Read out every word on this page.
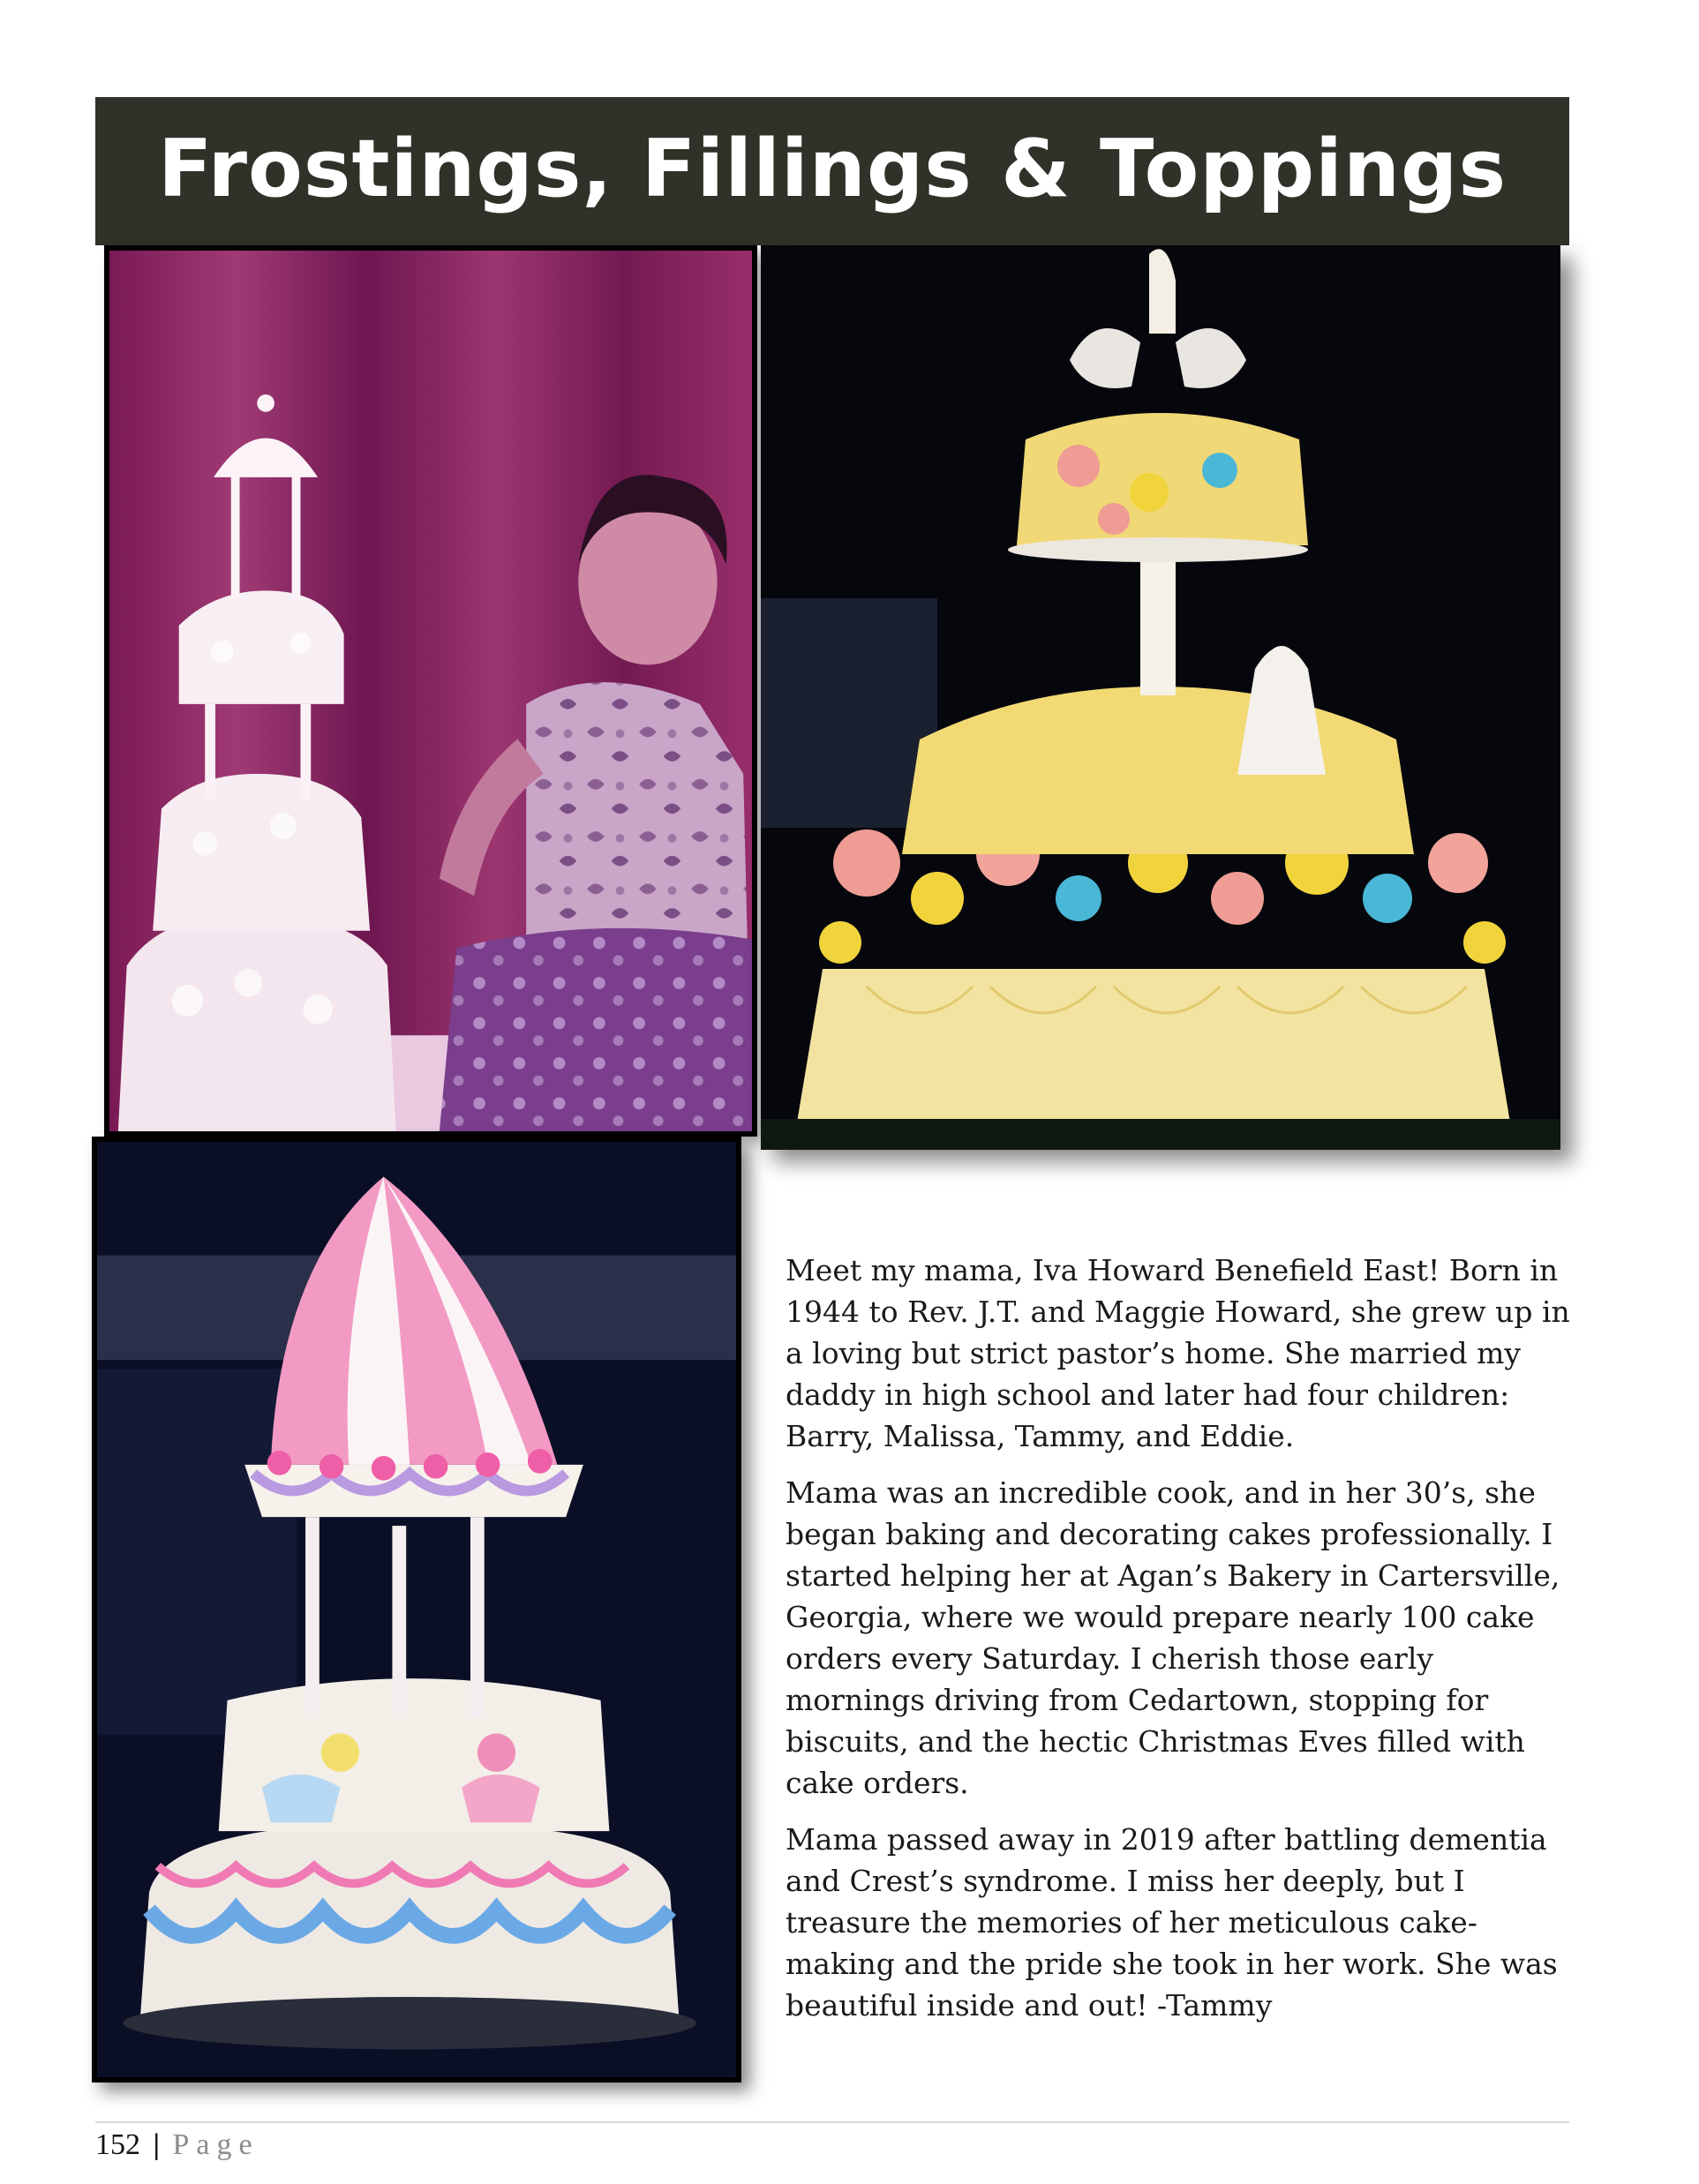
Frostings, Fillings & Toppings

Meet my mama, Iva Howard Benefield East! Born in 1944 to Rev. J.T. and Maggie Howard, she grew up in a loving but strict pastor’s home. She married my daddy in high school and later had four children: Barry, Malissa, Tammy, and Eddie.

Mama was an incredible cook, and in her 30’s, she began baking and decorating cakes professionally. I started helping her at Agan’s Bakery in Cartersville, Georgia, where we would prepare nearly 100 cake orders every Saturday. I cherish those early mornings driving from Cedartown, stopping for biscuits, and the hectic Christmas Eves filled with cake orders.

Mama passed away in 2019 after battling dementia and Crest’s syndrome. I miss her deeply, but I treasure the memories of her meticulous cake-making and the pride she took in her work. She was beautiful inside and out! -Tammy

152 | Page
